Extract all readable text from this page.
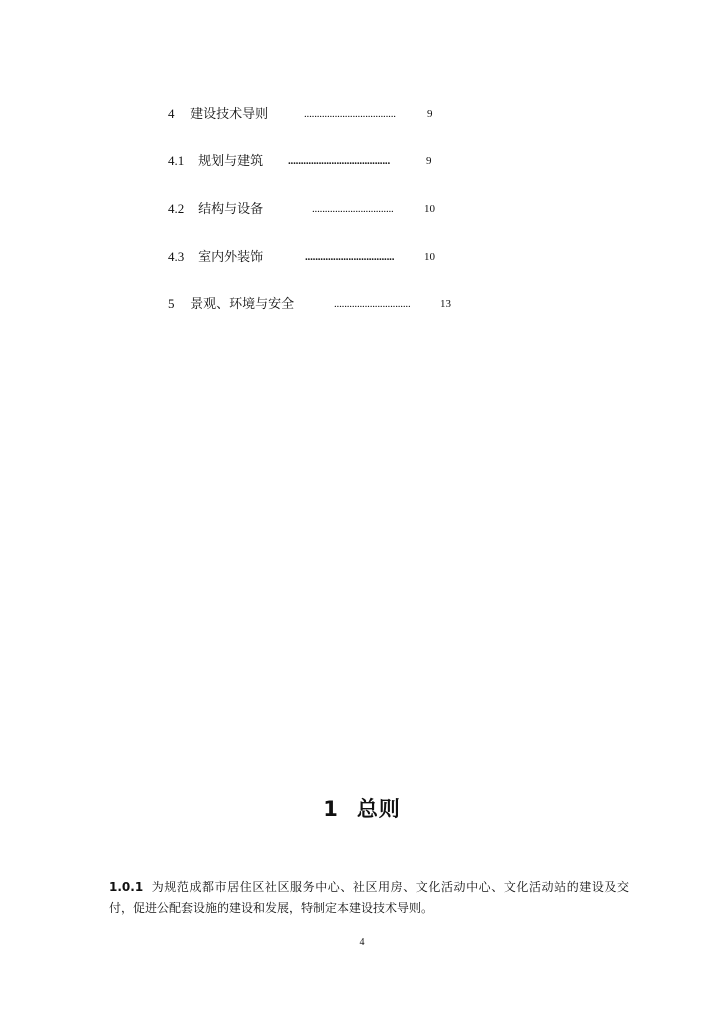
4 建设技术导则	....................................	9
4.1 规划与建筑 ........................................	9
4.2 结构与设备	................................	10
4.3 室内外装饰	...................................	10
5 景观、环境与安全	..............................	13
1 总则
1.0.1 为规范成都市居住区社区服务中心、社区用房、文化活动中心、文化活动站的建设及交付，促进公配套设施的建设和发展，特制定本建设技术导则。
4
